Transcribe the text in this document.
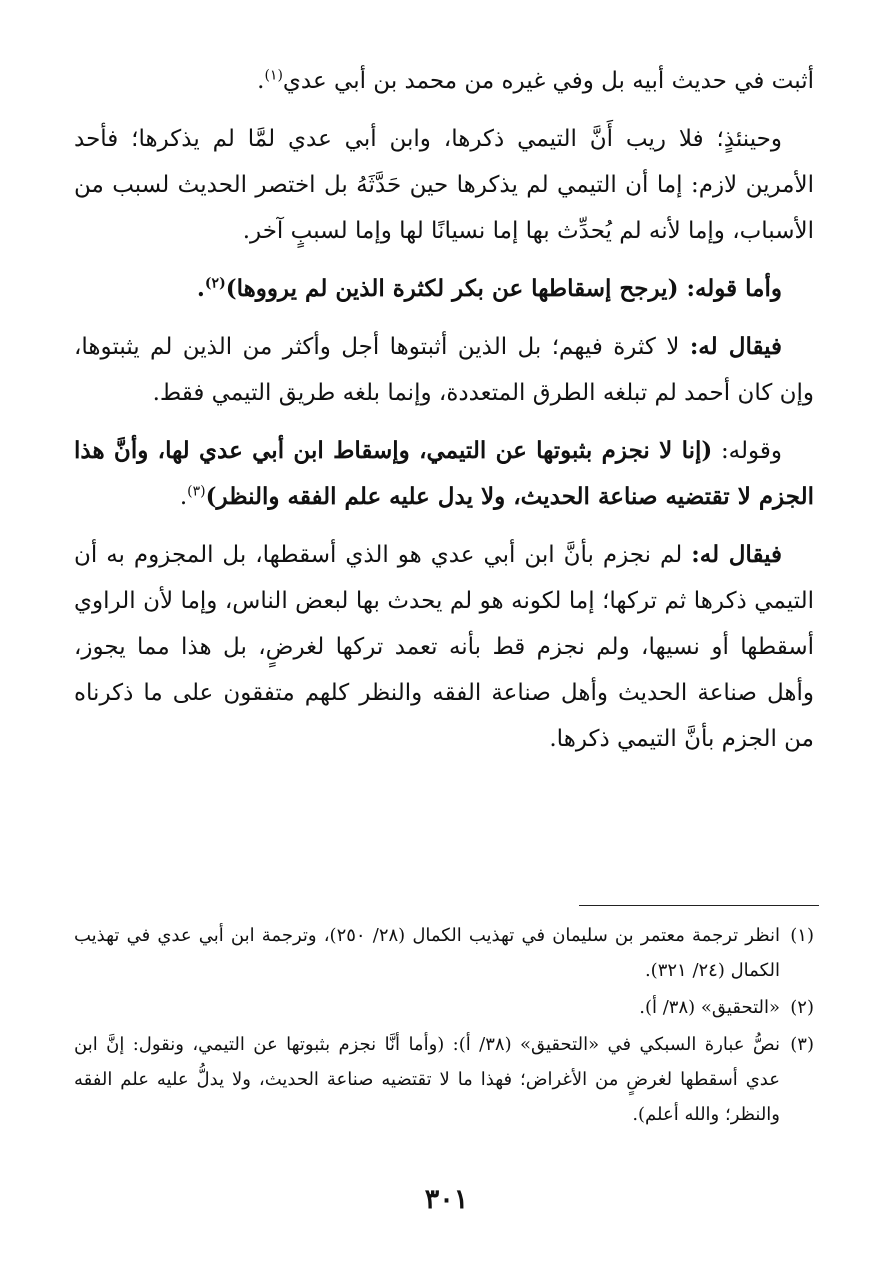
أثبت في حديث أبيه بل وفي غيره من محمد بن أبي عدي$^{(١)}$.

وحينئذٍ؛ فلا ريب أَنَّ التيمي ذكرها، وابن أبي عدي لمَّا لم يذكرها؛ فأحد الأمرين لازم: إما أن التيمي لم يذكرها حين حَدَّثَهُ بل اختصر الحديث لسبب من الأسباب، وإما لأنه لم يُحدِّث بها إما نسيانًا لها وإما لسببٍ آخر.

وأما قوله: (يرجح إسقاطها عن بكر لكثرة الذين لم يرووها)$^{(٢)}$.

فيقال له: لا كثرة فيهم؛ بل الذين أثبتوها أجل وأكثر من الذين لم يثبتوها، وإن كان أحمد لم تبلغه الطرق المتعددة، وإنما بلغه طريق التيمي فقط.

وقوله: (إنا لا نجزم بثبوتها عن التيمي، وإسقاط ابن أبي عدي لها، وأنَّ هذا الجزم لا تقتضيه صناعة الحديث، ولا يدل عليه علم الفقه والنظر)$^{(٣)}$.

فيقال له: لم نجزم بأنَّ ابن أبي عدي هو الذي أسقطها، بل المجزوم به أن التيمي ذكرها ثم تركها؛ إما لكونه هو لم يحدث بها لبعض الناس، وإما لأن الراوي أسقطها أو نسيها، ولم نجزم قط بأنه تعمد تركها لغرضٍ، بل هذا مما يجوز، وأهل صناعة الحديث وأهل صناعة الفقه والنظر كلهم متفقون على ما ذكرناه من الجزم بأنَّ التيمي ذكرها.

(١)
انظر ترجمة معتمر بن سليمان في تهذيب الكمال (٢٨/ ٢٥٠)، وترجمة ابن أبي عدي في تهذيب الكمال (٢٤/ ٣٢١).
(٢)
«التحقيق» (٣٨/ أ).
(٣)
نصُّ عبارة السبكي في «التحقيق» (٣٨/ أ): (وأما أنَّا نجزم بثبوتها عن التيمي، ونقول: إنَّ ابن عدي أسقطها لغرضٍ من الأغراض؛ فهذا ما لا تقتضيه صناعة الحديث، ولا يدلُّ عليه علم الفقه والنظر؛ والله أعلم).
٣٠١
